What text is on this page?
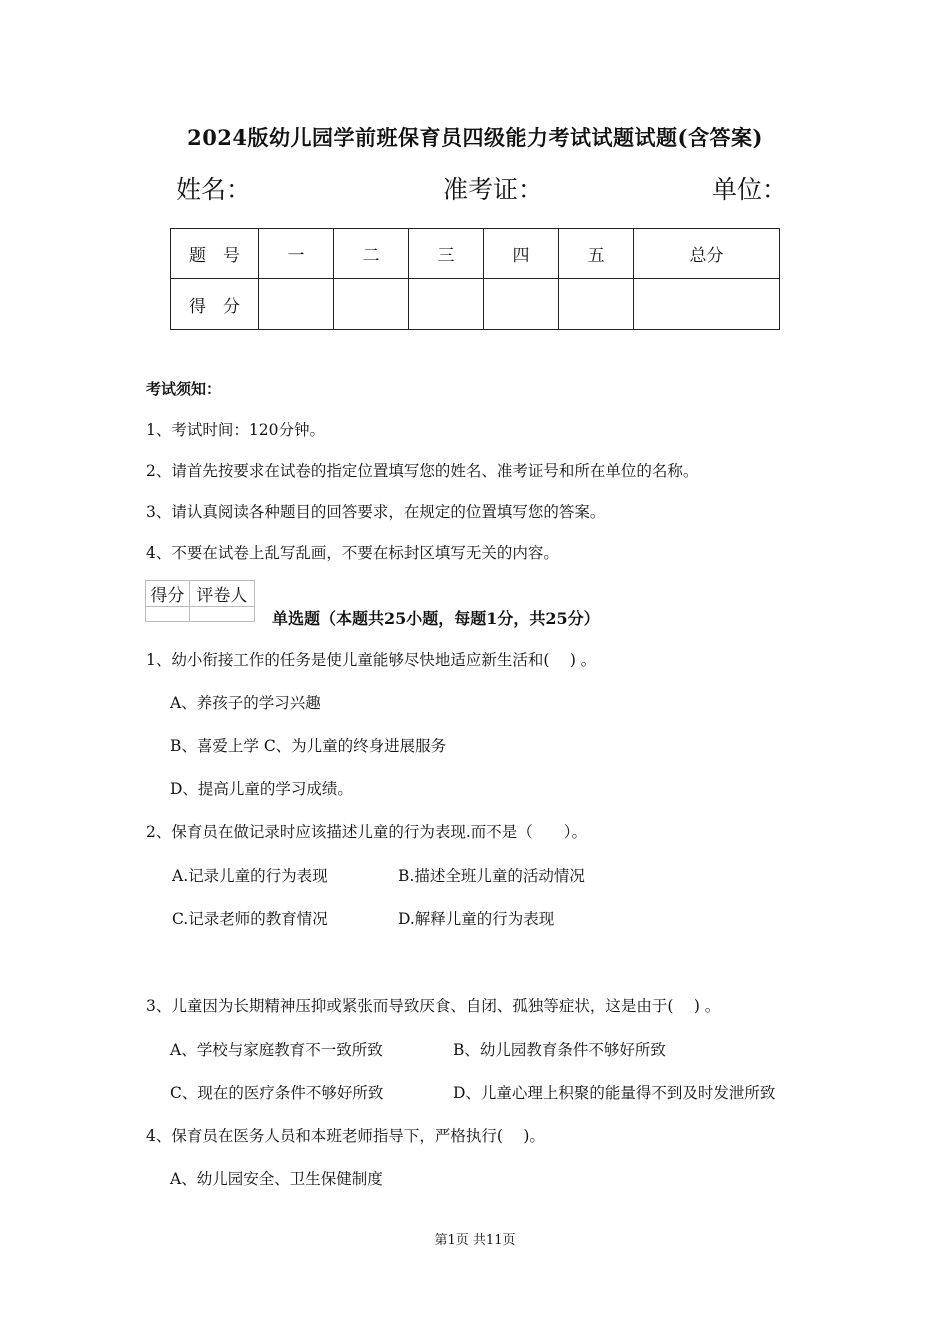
2024版幼儿园学前班保育员四级能力考试试题试题(含答案)
姓名：	准考证：	单位：
题　号	一	二	三	四	五	总分
得　分						
考试须知：
1、考试时间：120分钟。
2、请首先按要求在试卷的指定位置填写您的姓名、准考证号和所在单位的名称。
3、请认真阅读各种题目的回答要求，在规定的位置填写您的答案。
4、不要在试卷上乱写乱画，不要在标封区填写无关的内容。
得分	评卷人

单选题（本题共25小题，每题1分，共25分）
1、幼小衔接工作的任务是使儿童能够尽快地适应新生活和(　 ) 。
A、养孩子的学习兴趣
B、喜爱上学 C、为儿童的终身进展服务
D、提高儿童的学习成绩。
2、保育员在做记录时应该描述儿童的行为表现.而不是（　　）。
A.记录儿童的行为表现	B.描述全班儿童的活动情况
C.记录老师的教育情况	D.解释儿童的行为表现
3、儿童因为长期精神压抑或紧张而导致厌食、自闭、孤独等症状，这是由于(　 ) 。
A、学校与家庭教育不一致所致	B、幼儿园教育条件不够好所致
C、现在的医疗条件不够好所致	D、儿童心理上积聚的能量得不到及时发泄所致
4、保育员在医务人员和本班老师指导下，严格执行(　 )。
A、幼儿园安全、卫生保健制度
第1页 共11页
